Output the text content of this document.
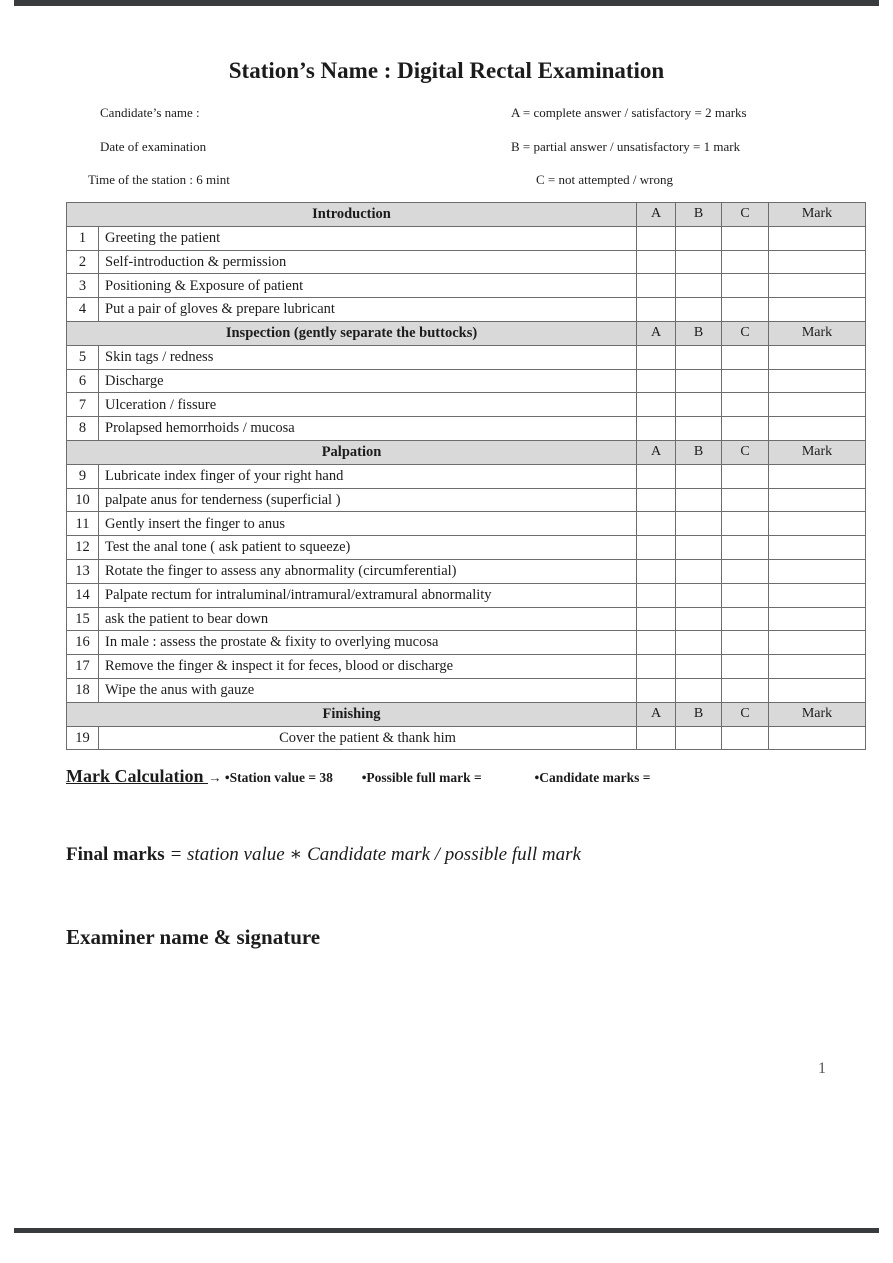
Station’s Name : Digital Rectal Examination
Candidate’s name :
Date of examination
Time of the station : 6 mint
A = complete answer / satisfactory = 2 marks
B = partial answer / unsatisfactory = 1 mark
C = not attempted / wrong
Introduction		A	B	C	Mark
1	Greeting the patient				
2	Self-introduction & permission				
3	Positioning & Exposure of patient				
4	Put a pair of gloves & prepare lubricant				
Inspection (gently separate the buttocks)		A	B	C	Mark
5	Skin tags / redness				
6	Discharge				
7	Ulceration / fissure				
8	Prolapsed hemorrhoids / mucosa				
Palpation		A	B	C	Mark
9	Lubricate index finger of your right hand				
10	palpate anus for tenderness (superficial )				
11	Gently insert the finger to anus				
12	Test the anal tone ( ask patient to squeeze)				
13	Rotate the finger to assess any abnormality (circumferential)				
14	Palpate rectum for intraluminal/intramural/extramural abnormality				
15	ask the patient to bear down				
16	In male : assess the prostate & fixity to overlying mucosa				
17	Remove the finger & inspect it for feces, blood or discharge				
18	Wipe the anus with gauze				
Finishing		A	B	C	Mark
19	Cover the patient & thank him				
Mark Calculation → •Station value = 38 •Possible full mark =	•Candidate marks =
Final marks = station value ∗ Candidate mark / possible full mark
Examiner name & signature
1
